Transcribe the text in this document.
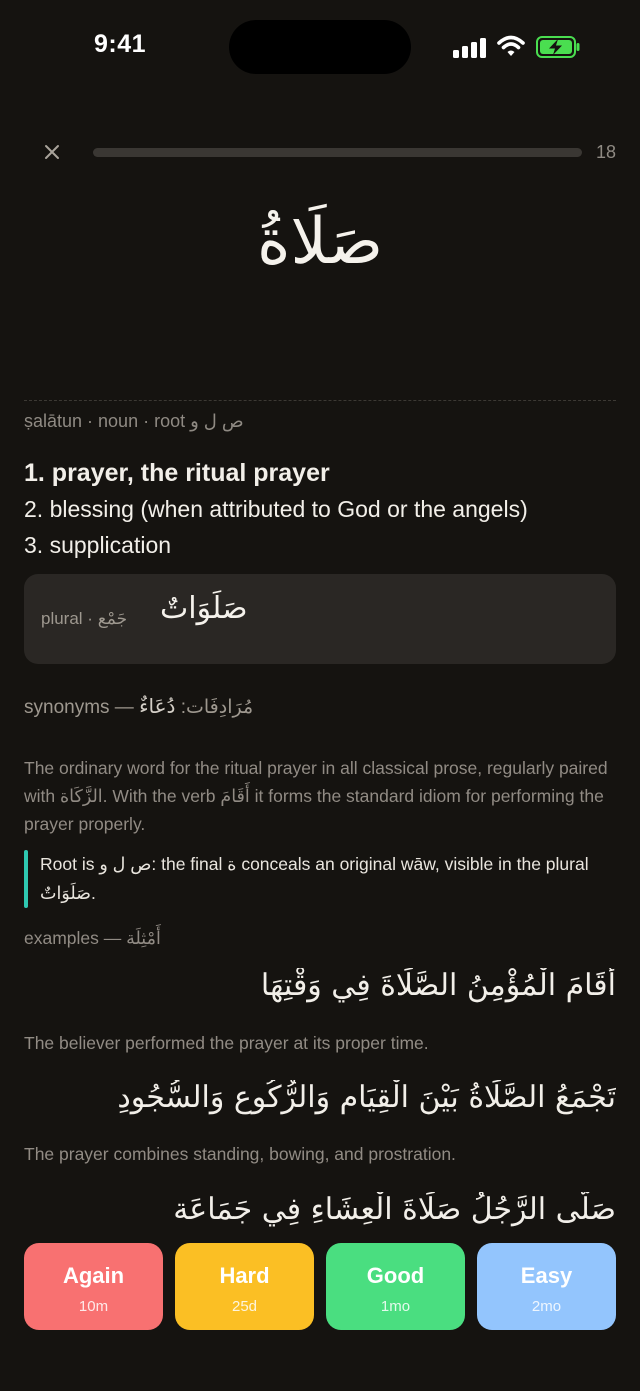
9:41
18
صَلَاةُ
ṣalātun · noun · root ص ل و
1. prayer, the ritual prayer
2. blessing (when attributed to God or the angels)
3. supplication
plural · جَمْع صَلَوَاتٌ
synonyms — مُرَادِفَات: دُعَاءٌ
The ordinary word for the ritual prayer in all classical prose, regularly paired with الزَّكَاة. With the verb أَقَامَ it forms the standard idiom for performing the prayer properly.
Root is ص ل و: the final ة conceals an original wāw, visible in the plural صَلَوَاتٌ.
examples — أَمْثِلَة
أَقَامَ الْمُؤْمِنُ الصَّلَاةَ فِي وَقْتِهَا
The believer performed the prayer at its proper time.
تَجْمَعُ الصَّلَاةُ بَيْنَ الْقِيَامِ وَالرُّكُوعِ وَالسُّجُودِ
The prayer combines standing, bowing, and prostration.
صَلَّى الرَّجُلُ صَلَاةَ الْعِشَاءِ فِي جَمَاعَة
Again
10m
Hard
25d
Good
1mo
Easy
2mo
